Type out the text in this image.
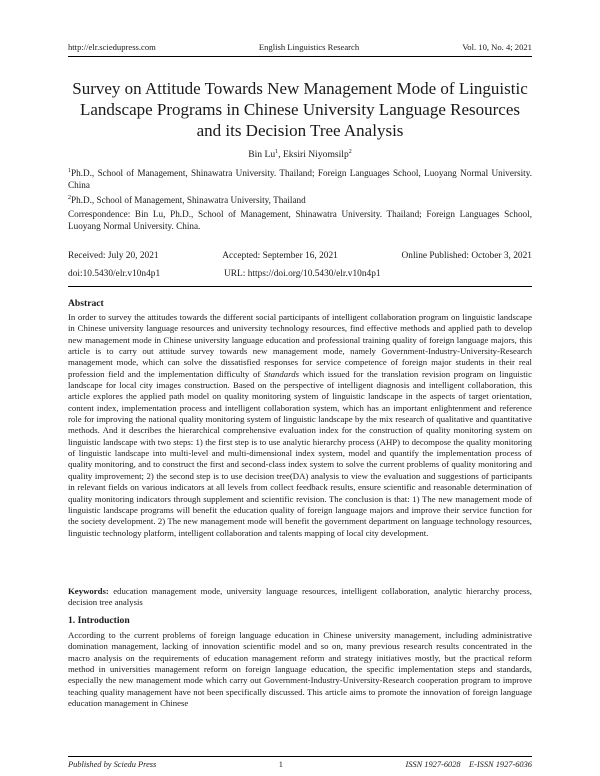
http://elr.sciedupress.com	English Linguistics Research	Vol. 10, No. 4; 2021
Survey on Attitude Towards New Management Mode of Linguistic Landscape Programs in Chinese University Language Resources and its Decision Tree Analysis
Bin Lu$^1$, Eksiri Niyomsilp$^2$
$^1$Ph.D., School of Management, Shinawatra University. Thailand; Foreign Languages School, Luoyang Normal University. China
$^2$Ph.D., School of Management, Shinawatra University, Thailand
Correspondence: Bin Lu, Ph.D., School of Management, Shinawatra University. Thailand; Foreign Languages School, Luoyang Normal University. China.
Received: July 20, 2021	Accepted: September 16, 2021	Online Published: October 3, 2021
doi:10.5430/elr.v10n4p1	URL: https://doi.org/10.5430/elr.v10n4p1
Abstract
In order to survey the attitudes towards the different social participants of intelligent collaboration program on linguistic landscape in Chinese university language resources and university technology resources, find effective methods and applied path to develop new management mode in Chinese university language education and professional training quality of foreign language majors, this article is to carry out attitude survey towards new management mode, namely Government-Industry-University-Research management mode, which can solve the dissatisfied responses for service competence of foreign major students in their real profession field and the implementation difficulty of Standards which issued for the translation revision program on linguistic landscape for local city images construction. Based on the perspective of intelligent diagnosis and intelligent collaboration, this article explores the applied path model on quality monitoring system of linguistic landscape in the aspects of target orientation, content index, implementation process and intelligent collaboration system, which has an important enlightenment and reference role for improving the national quality monitoring system of linguistic landscape by the mix research of qualitative and quantitative methods. And it describes the hierarchical comprehensive evaluation index for the construction of quality monitoring system on linguistic landscape with two steps: 1) the first step is to use analytic hierarchy process (AHP) to decompose the quality monitoring of linguistic landscape into multi-level and multi-dimensional index system, model and quantify the implementation process of quality monitoring, and to construct the first and second-class index system to solve the current problems of quality monitoring and quality improvement; 2) the second step is to use decision tree(DA) analysis to view the evaluation and suggestions of participants in relevant fields on various indicators at all levels from collect feedback results, ensure scientific and reasonable determination of quality monitoring indicators through supplement and scientific revision. The conclusion is that: 1) The new management mode of linguistic landscape programs will benefit the education quality of foreign language majors and improve their service function for the society development. 2) The new management mode will benefit the government department on language technology resources, linguistic technology platform, intelligent collaboration and talents mapping of local city development.
Keywords: education management mode, university language resources, intelligent collaboration, analytic hierarchy process, decision tree analysis
1. Introduction
According to the current problems of foreign language education in Chinese university management, including administrative domination management, lacking of innovation scientific model and so on, many previous research results concentrated in the macro analysis on the requirements of education management reform and strategy initiatives mostly, but the practical reform method in universities management reform on foreign language education, the specific implementation steps and standards, especially the new management mode which carry out Government-Industry-University-Research cooperation program to improve teaching quality management have not been specifically discussed. This article aims to promote the innovation of foreign language education management in Chinese
Published by Sciedu Press	1	ISSN 1927-6028 E-ISSN 1927-6036
